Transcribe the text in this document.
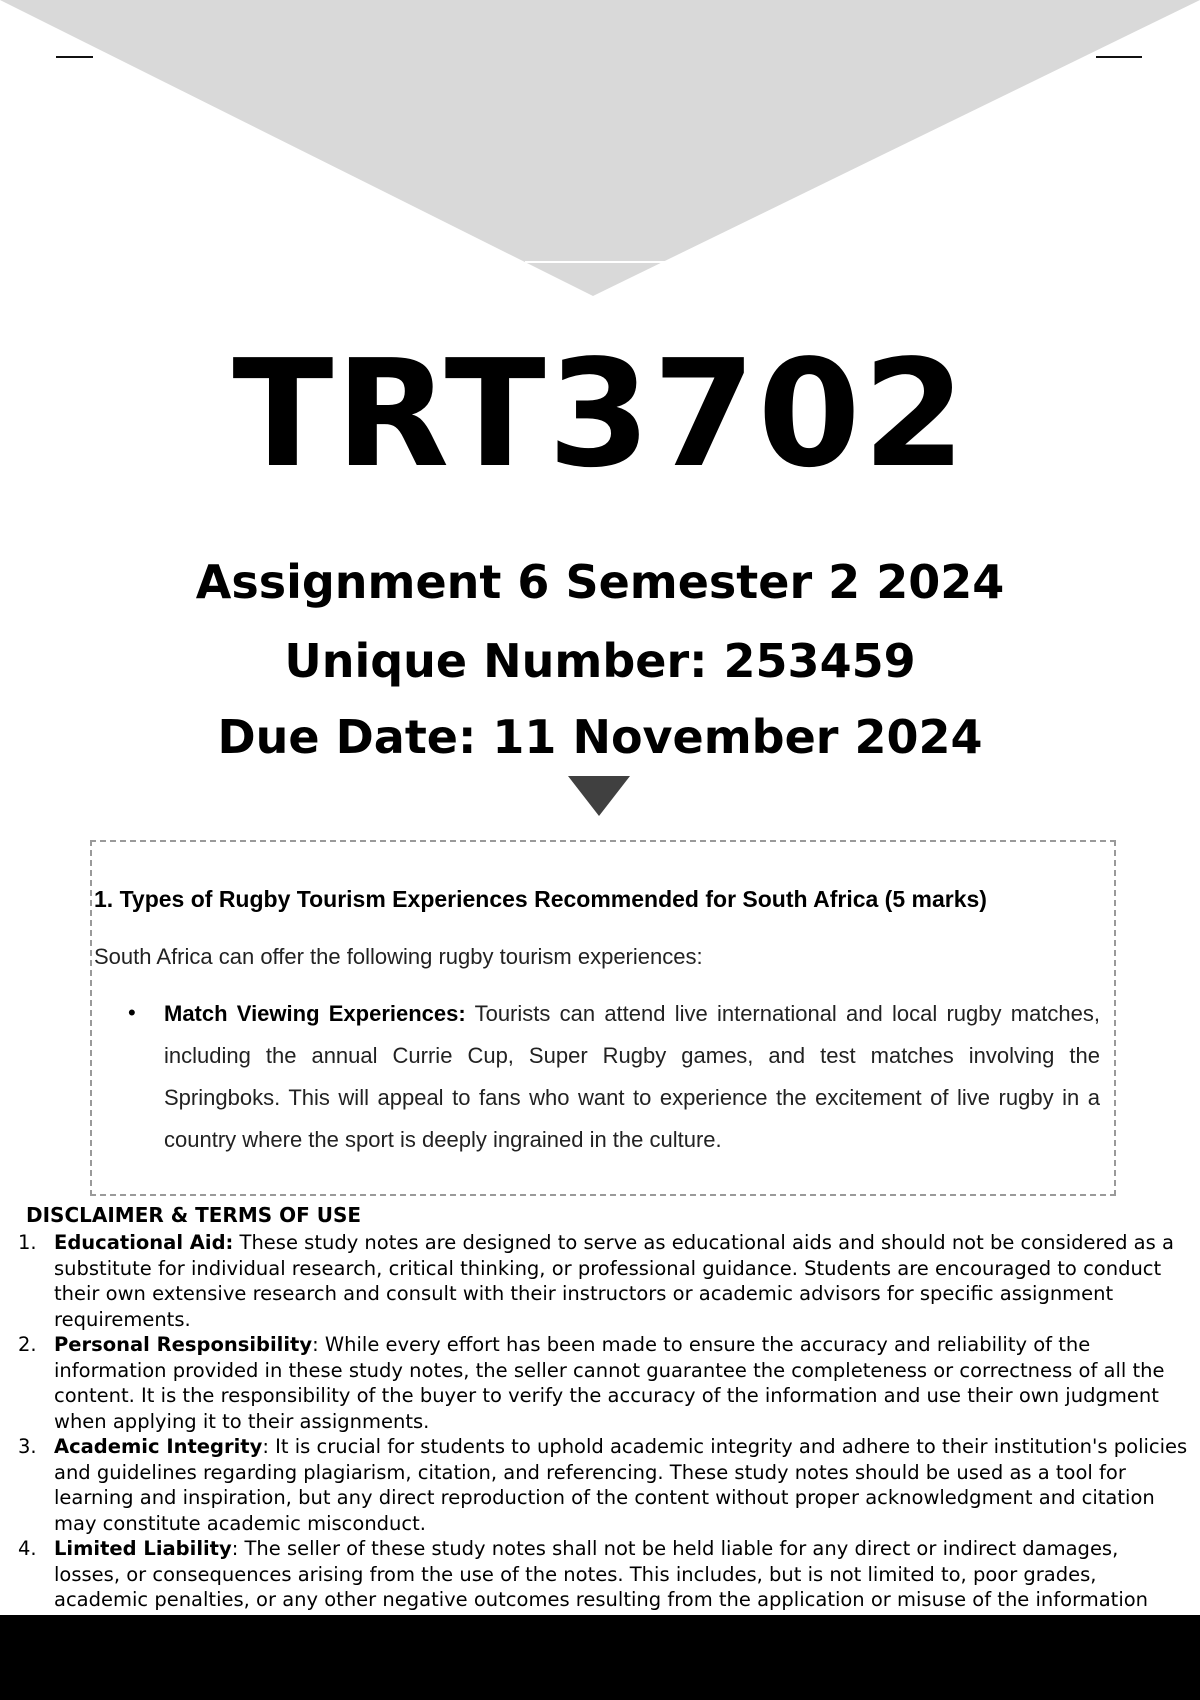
TRT3702
Assignment 6 Semester 2 2024
Unique Number: 253459
Due Date: 11 November 2024
1. Types of Rugby Tourism Experiences Recommended for South Africa (5 marks)
South Africa can offer the following rugby tourism experiences:
• Match Viewing Experiences: Tourists can attend live international and local rugby matches, including the annual Currie Cup, Super Rugby games, and test matches involving the Springboks. This will appeal to fans who want to experience the excitement of live rugby in a country where the sport is deeply ingrained in the culture.

DISCLAIMER & TERMS OF USE
1. Educational Aid: These study notes are designed to serve as educational aids and should not be considered as a substitute for individual research, critical thinking, or professional guidance. Students are encouraged to conduct their own extensive research and consult with their instructors or academic advisors for specific assignment requirements.
2. Personal Responsibility: While every effort has been made to ensure the accuracy and reliability of the information provided in these study notes, the seller cannot guarantee the completeness or correctness of all the content. It is the responsibility of the buyer to verify the accuracy of the information and use their own judgment when applying it to their assignments.
3. Academic Integrity: It is crucial for students to uphold academic integrity and adhere to their institution's policies and guidelines regarding plagiarism, citation, and referencing. These study notes should be used as a tool for learning and inspiration, but any direct reproduction of the content without proper acknowledgment and citation may constitute academic misconduct.
4. Limited Liability: The seller of these study notes shall not be held liable for any direct or indirect damages, losses, or consequences arising from the use of the notes. This includes, but is not limited to, poor grades, academic penalties, or any other negative outcomes resulting from the application or misuse of the information
